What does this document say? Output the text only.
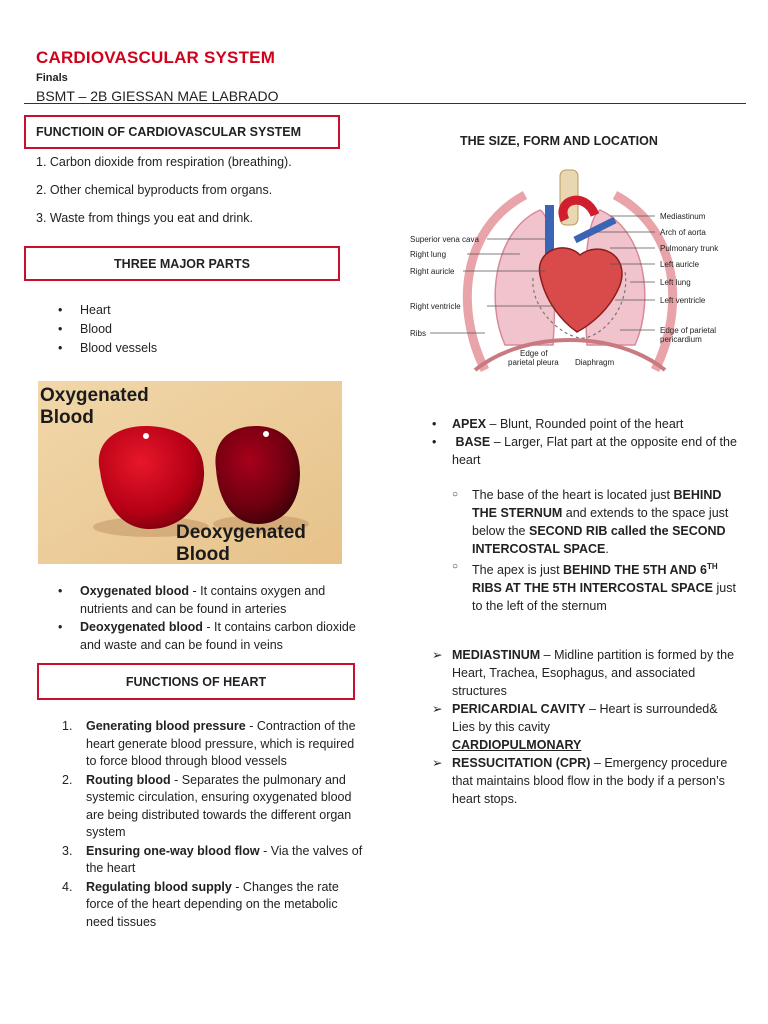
CARDIOVASCULAR SYSTEM
Finals
BSMT – 2B GIESSAN MAE LABRADO
FUNCTIOIN OF CARDIOVASCULAR SYSTEM
1. Carbon dioxide from respiration (breathing).
2. Other chemical byproducts from organs.
3. Waste from things you eat and drink.
THREE MAJOR PARTS
• Heart
• Blood
• Blood vessels
Oxygenated
Blood
Deoxygenated
Blood
• Oxygenated blood - It contains oxygen and nutrients and can be found in arteries
• Deoxygenated blood - It contains carbon dioxide and waste and can be found in veins
FUNCTIONS OF HEART
1. Generating blood pressure - Contraction of the heart generate blood pressure, which is required to force blood through blood vessels
2. Routing blood - Separates the pulmonary and systemic circulation, ensuring oxygenated blood are being distributed towards the different organ system
3. Ensuring one-way blood flow - Via the valves of the heart
4. Regulating blood supply - Changes the rate force of the heart depending on the metabolic need tissues
THE SIZE, FORM AND LOCATION
Superior vena cava
Right lung
Right auricle
Right ventricle
Ribs
Mediastinum
Arch of aorta
Pulmonary trunk
Left auricle
Left lung
Left ventricle
Edge of parietal
pericardium
Edge of
parietal pleura Diaphragm
• APEX – Blunt, Rounded point of the heart
• BASE – Larger, Flat part at the opposite end of the heart
○ The base of the heart is located just BEHIND THE STERNUM and extends to the space just below the SECOND RIB called the SECOND INTERCOSTAL SPACE.
○ The apex is just BEHIND THE 5TH AND 6TH RIBS AT THE 5TH INTERCOSTAL SPACE just to the left of the sternum
➢ MEDIASTINUM – Midline partition is formed by the Heart, Trachea, Esophagus, and associated structures
➢ PERICARDIAL CAVITY – Heart is surrounded& Lies by this cavity
CARDIOPULMONARY
➢ RESSUCITATION (CPR) – Emergency procedure that maintains blood flow in the body if a person’s heart stops.
